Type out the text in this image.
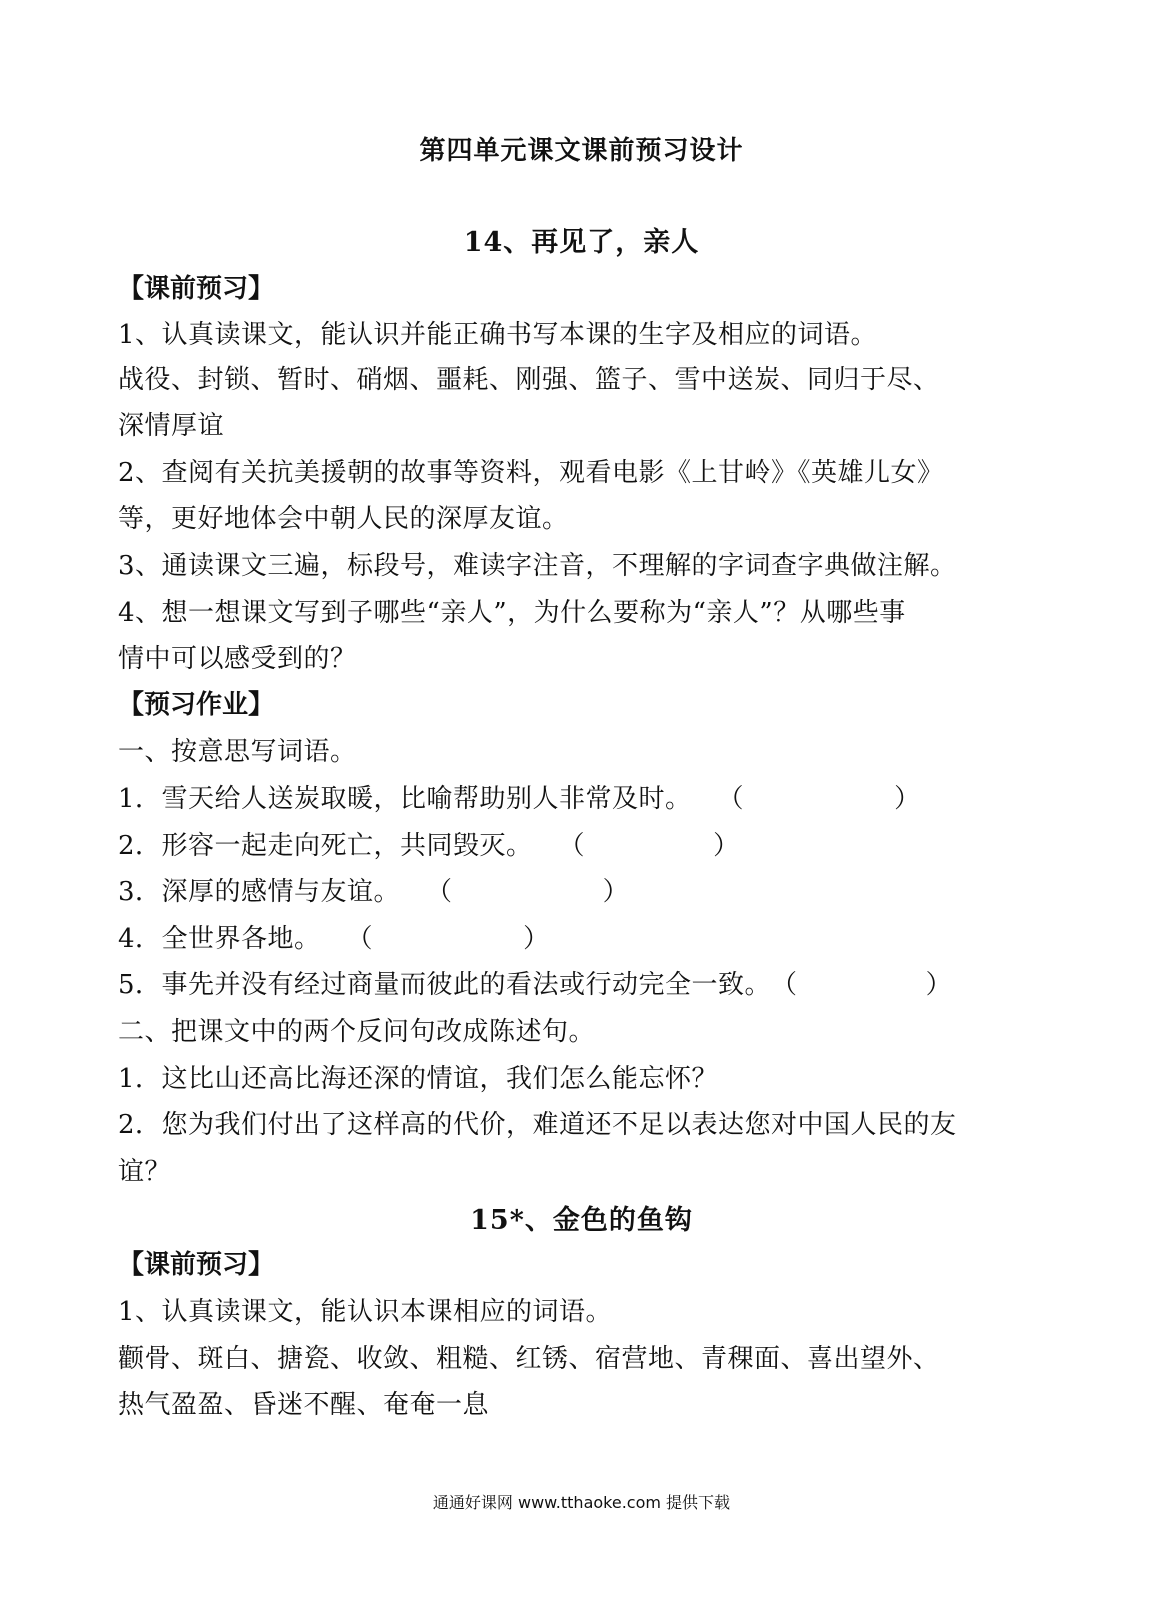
第四单元课文课前预习设计
14、再见了，亲人
【课前预习】
1、认真读课文，能认识并能正确书写本课的生字及相应的词语。
战役、封锁、暂时、硝烟、噩耗、刚强、篮子、雪中送炭、同归于尽、
深情厚谊
2、查阅有关抗美援朝的故事等资料，观看电影《上甘岭》《英雄儿女》
等，更好地体会中朝人民的深厚友谊。
3、通读课文三遍，标段号，难读字注音，不理解的字词查字典做注解。
4、想一想课文写到子哪些“亲人”，为什么要称为“亲人”？从哪些事
情中可以感受到的？
【预习作业】
一、按意思写词语。
1．雪天给人送炭取暖，比喻帮助别人非常及时。 （	）
2．形容一起走向死亡，共同毁灭。 （	）
3．深厚的感情与友谊。 （	）
4．全世界各地。 （	）
5．事先并没有经过商量而彼此的看法或行动完全一致。（	）
二、把课文中的两个反问句改成陈述句。
1．这比山还高比海还深的情谊，我们怎么能忘怀？
2．您为我们付出了这样高的代价，难道还不足以表达您对中国人民的友
谊？
15*、金色的鱼钩
【课前预习】
1、认真读课文，能认识本课相应的词语。
颧骨、斑白、搪瓷、收敛、粗糙、红锈、宿营地、青稞面、喜出望外、
热气盈盈、昏迷不醒、奄奄一息
通通好课网 www.tthaoke.com 提供下载
